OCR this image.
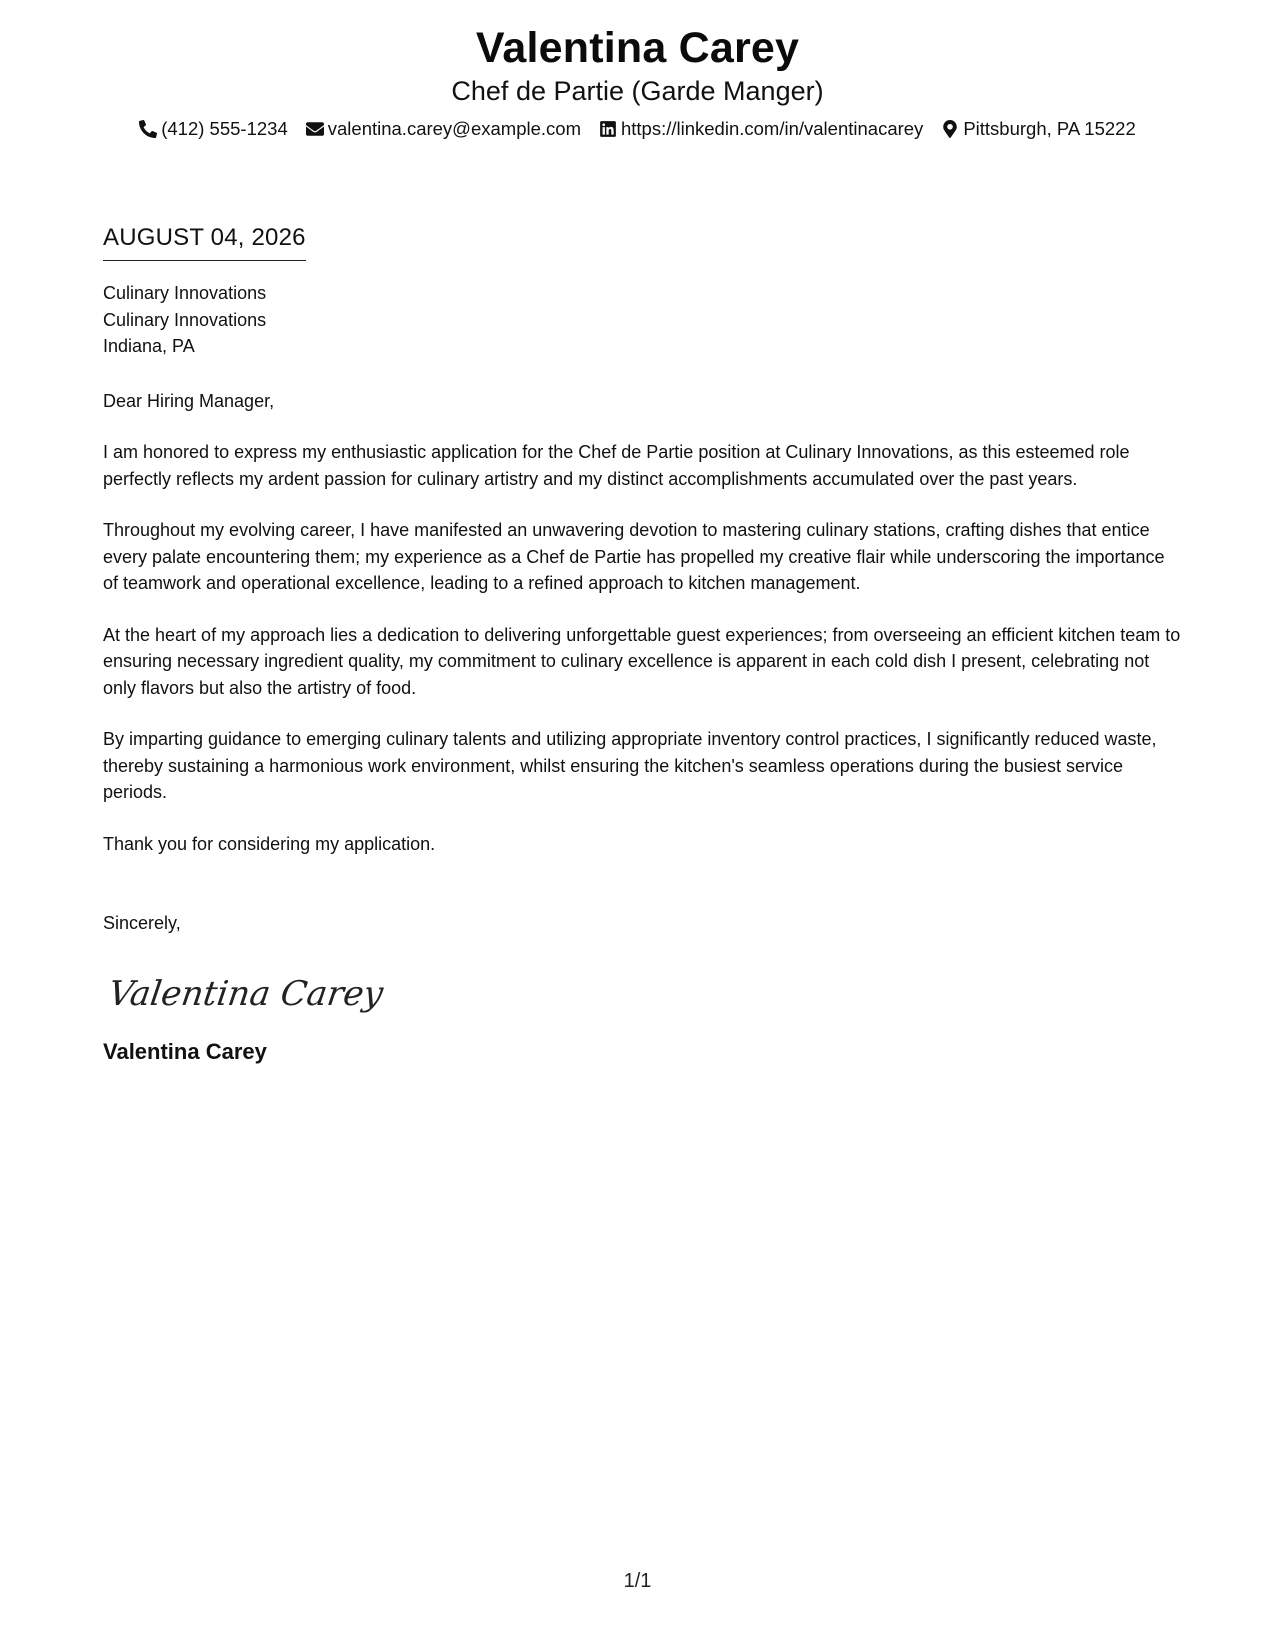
Valentina Carey
Chef de Partie (Garde Manger)
(412) 555-1234 valentina.carey@example.com https://linkedin.com/in/valentinacarey Pittsburgh, PA 15222
AUGUST 04, 2026
Culinary Innovations
Culinary Innovations
Indiana, PA
Dear Hiring Manager,
I am honored to express my enthusiastic application for the Chef de Partie position at Culinary Innovations, as this esteemed role perfectly reflects my ardent passion for culinary artistry and my distinct accomplishments accumulated over the past years.
Throughout my evolving career, I have manifested an unwavering devotion to mastering culinary stations, crafting dishes that entice every palate encountering them; my experience as a Chef de Partie has propelled my creative flair while underscoring the importance of teamwork and operational excellence, leading to a refined approach to kitchen management.
At the heart of my approach lies a dedication to delivering unforgettable guest experiences; from overseeing an efficient kitchen team to ensuring necessary ingredient quality, my commitment to culinary excellence is apparent in each cold dish I present, celebrating not only flavors but also the artistry of food.
By imparting guidance to emerging culinary talents and utilizing appropriate inventory control practices, I significantly reduced waste, thereby sustaining a harmonious work environment, whilst ensuring the kitchen's seamless operations during the busiest service periods.
Thank you for considering my application.
Sincerely,
Valentina Carey
Valentina Carey
1/1
